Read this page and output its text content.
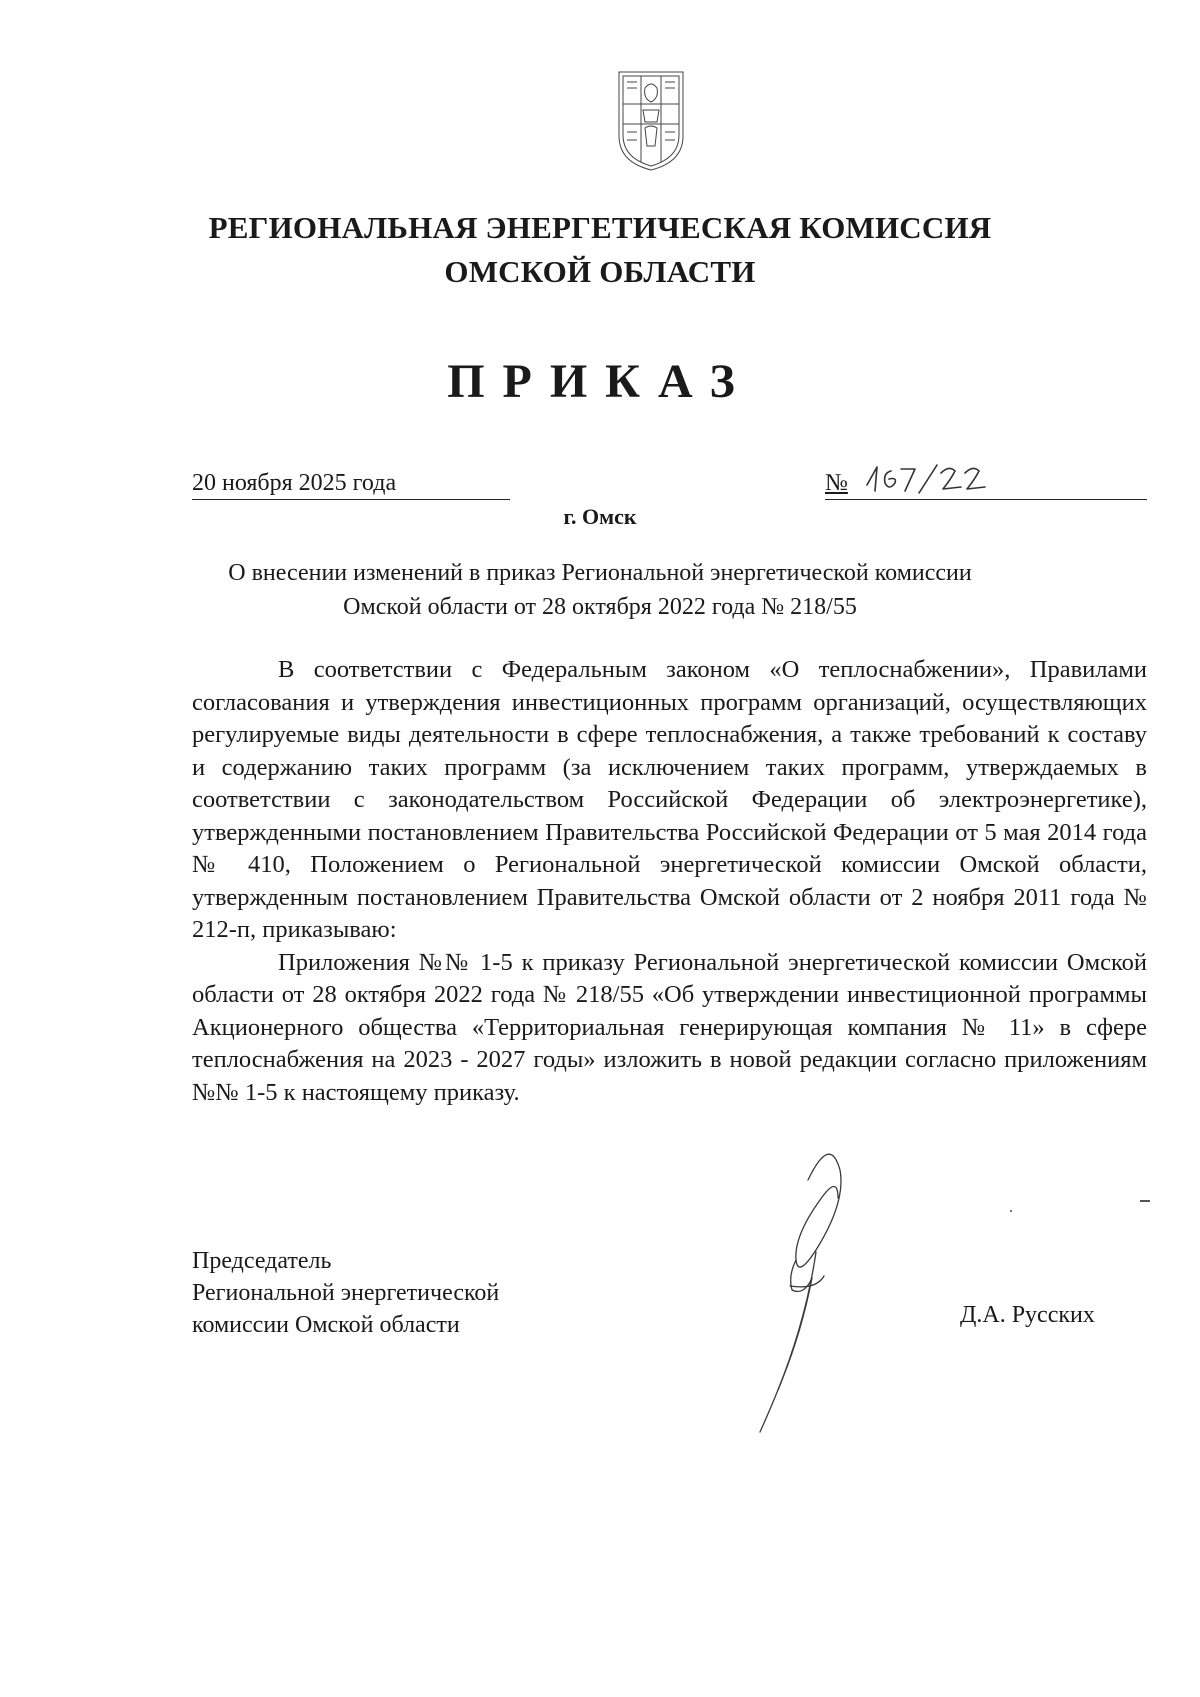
РЕГИОНАЛЬНАЯ ЭНЕРГЕТИЧЕСКАЯ КОМИССИЯ
ОМСКОЙ ОБЛАСТИ
ПРИКАЗ
20 ноября 2025 года	№
г. Омск
О внесении изменений в приказ Региональной энергетической комиссии
Омской области от 28 октября 2022 года № 218/55

В соответствии с Федеральным законом «О теплоснабжении», Правилами согласования и утверждения инвестиционных программ организаций, осуществляющих регулируемые виды деятельности в сфере теплоснабжения, а также требований к составу и содержанию таких программ (за исключением таких программ, утверждаемых в соответствии с законодательством Российской Федерации об электроэнергетике), утвержденными постановлением Правительства Российской Федерации от 5 мая 2014 года № 410, Положением о Региональной энергетической комиссии Омской области, утвержденным постановлением Правительства Омской области от 2 ноября 2011 года № 212-п, приказываю:

Приложения №№ 1-5 к приказу Региональной энергетической комиссии Омской области от 28 октября 2022 года № 218/55 «Об утверждении инвестиционной программы Акционерного общества «Территориальная генерирующая компания № 11» в сфере теплоснабжения на 2023 - 2027 годы» изложить в новой редакции согласно приложениям №№ 1-5 к настоящему приказу.

Председатель
Региональной энергетической
комиссии Омской области	Д.А. Русских
